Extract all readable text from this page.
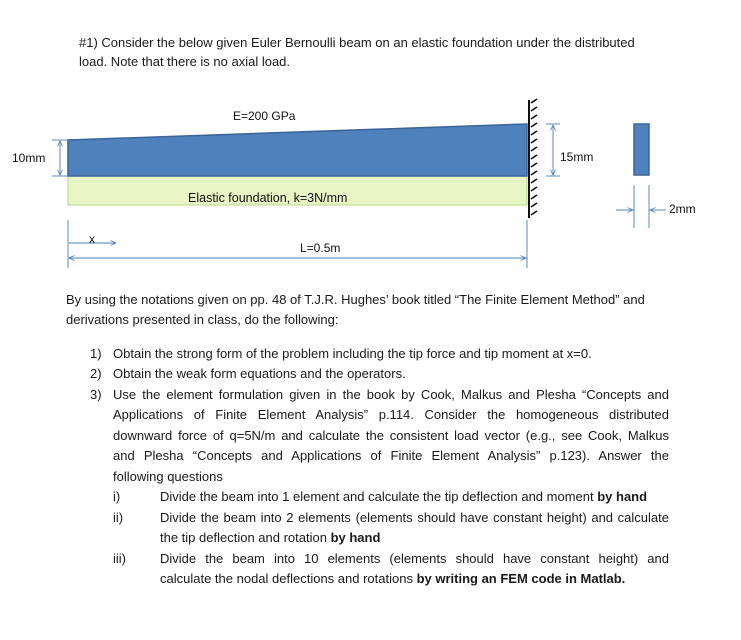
#1) Consider the below given Euler Bernoulli beam on an elastic foundation under the distributed
load. Note that there is no axial load.
E=200 GPa
Elastic foundation, k=3N/mm
10mm	15mm
2mm
x
L=0.5m
By using the notations given on pp. 48 of T.J.R. Hughes’ book titled “The Finite Element Method” and
derivations presented in class, do the following:
1) Obtain the strong form of the problem including the tip force and tip moment at x=0.
2) Obtain the weak form equations and the operators.
3) Use the element formulation given in the book by Cook, Malkus and Plesha “Concepts and
Applications of Finite Element Analysis” p.114. Consider the homogeneous distributed
downward force of q=5N/m and calculate the consistent load vector (e.g., see Cook, Malkus
and Plesha “Concepts and Applications of Finite Element Analysis” p.123). Answer the
following questions
i)	Divide the beam into 1 element and calculate the tip deflection and moment by hand
ii)	Divide the beam into 2 elements (elements should have constant height) and calculate
the tip deflection and rotation by hand
iii)	Divide the beam into 10 elements (elements should have constant height) and
calculate the nodal deflections and rotations by writing an FEM code in Matlab.
